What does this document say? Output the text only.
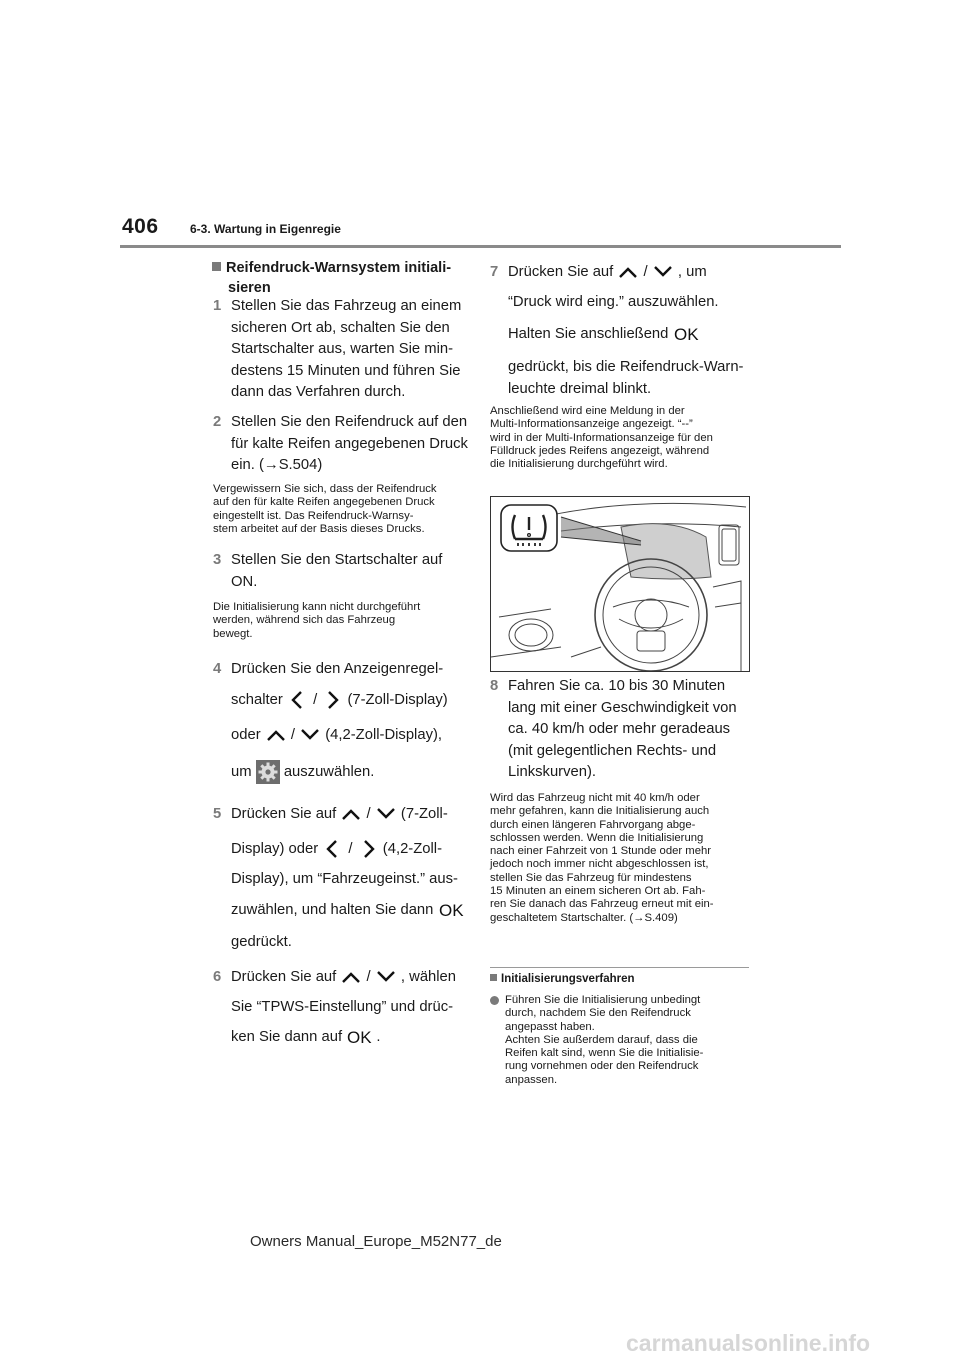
406	6-3. Wartung in Eigenregie
Reifendruck-Warnsystem initiali-
sieren
1 Stellen Sie das Fahrzeug an einem
sicheren Ort ab, schalten Sie den
Startschalter aus, warten Sie min-
destens 15 Minuten und führen Sie
dann das Verfahren durch.
2 Stellen Sie den Reifendruck auf den
für kalte Reifen angegebenen Druck
ein. (→S.504)
Vergewissern Sie sich, dass der Reifendruck
auf den für kalte Reifen angegebenen Druck
eingestellt ist. Das Reifendruck-Warnsy-
stem arbeitet auf der Basis dieses Drucks.
3 Stellen Sie den Startschalter auf
ON.
Die Initialisierung kann nicht durchgeführt
werden, während sich das Fahrzeug
bewegt.
4 Drücken Sie den Anzeigenregel-
schalter / (7-Zoll-Display)
oder / (4,2-Zoll-Display),
um auszuwählen.
5 Drücken Sie auf / (7-Zoll-
Display) oder / (4,2-Zoll-
Display), um “Fahrzeugeinst.” aus-
zuwählen, und halten Sie dann OK
gedrückt.
6 Drücken Sie auf / , wählen
Sie “TPWS-Einstellung” und drüc-
ken Sie dann auf OK .
7 Drücken Sie auf / , um
“Druck wird eing.” auszuwählen.
Halten Sie anschließend OK
gedrückt, bis die Reifendruck-Warn-
leuchte dreimal blinkt.
Anschließend wird eine Meldung in der
Multi-Informationsanzeige angezeigt. “--”
wird in der Multi-Informationsanzeige für den
Fülldruck jedes Reifens angezeigt, während
die Initialisierung durchgeführt wird.
8 Fahren Sie ca. 10 bis 30 Minuten
lang mit einer Geschwindigkeit von
ca. 40 km/h oder mehr geradeaus
(mit gelegentlichen Rechts- und
Linkskurven).
Wird das Fahrzeug nicht mit 40 km/h oder
mehr gefahren, kann die Initialisierung auch
durch einen längeren Fahrvorgang abge-
schlossen werden. Wenn die Initialisierung
nach einer Fahrzeit von 1 Stunde oder mehr
jedoch noch immer nicht abgeschlossen ist,
stellen Sie das Fahrzeug für mindestens
15 Minuten an einem sicheren Ort ab. Fah-
ren Sie danach das Fahrzeug erneut mit ein-
geschaltetem Startschalter. (→S.409)
Initialisierungsverfahren
Führen Sie die Initialisierung unbedingt
durch, nachdem Sie den Reifendruck
angepasst haben.
Achten Sie außerdem darauf, dass die
Reifen kalt sind, wenn Sie die Initialisie-
rung vornehmen oder den Reifendruck
anpassen.
Owners Manual_Europe_M52N77_de
carmanualsonline.info
